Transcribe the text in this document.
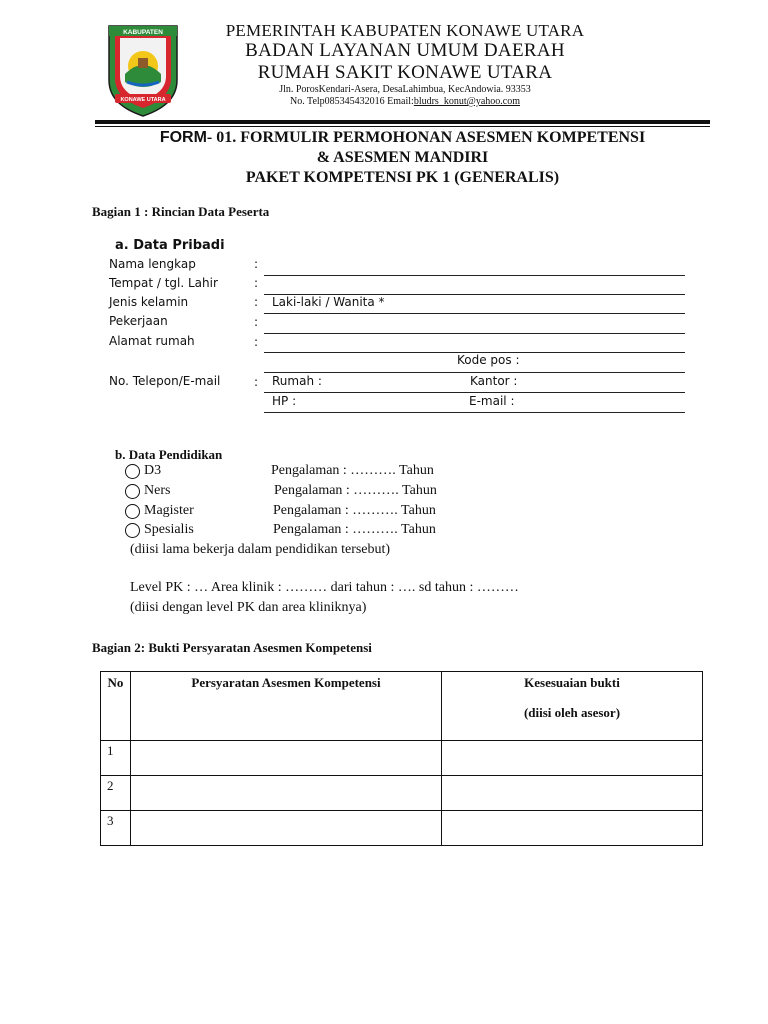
KABUPATEN
KONAWE UTARA
PEMERINTAH KABUPATEN KONAWE UTARA
BADAN LAYANAN UMUM DAERAH
RUMAH SAKIT KONAWE UTARA
Jln. PorosKendari-Asera, DesaLahimbua, KecAndowia. 93353
No. Telp085345432016 Email:bludrs_konut@yahoo.com
FORM- 01. FORMULIR PERMOHONAN ASESMEN KOMPETENSI
& ASESMEN MANDIRI
PAKET KOMPETENSI PK 1 (GENERALIS)
Bagian 1 : Rincian Data Peserta
a. Data Pribadi
Nama lengkap	:
Tempat / tgl. Lahir	:
Jenis kelamin	: Laki-laki / Wanita *
Pekerjaan	:
Alamat rumah	:
Kode pos :
No. Telepon/E-mail	: Rumah :	Kantor :
HP :	E-mail :
b. Data Pendidikan
D3	Pengalaman : ………. Tahun
Ners	Pengalaman : ………. Tahun
Magister	Pengalaman : ………. Tahun
Spesialis	Pengalaman : ………. Tahun
(diisi lama bekerja dalam pendidikan tersebut)
Level PK : … Area klinik : ……… dari tahun : …. sd tahun : ………
(diisi dengan level PK dan area kliniknya)
Bagian 2: Bukti Persyaratan Asesmen Kompetensi
No	Persyaratan Asesmen Kompetensi	Kesesuaian bukti
(diisi oleh asesor)

1		
2		
3		
